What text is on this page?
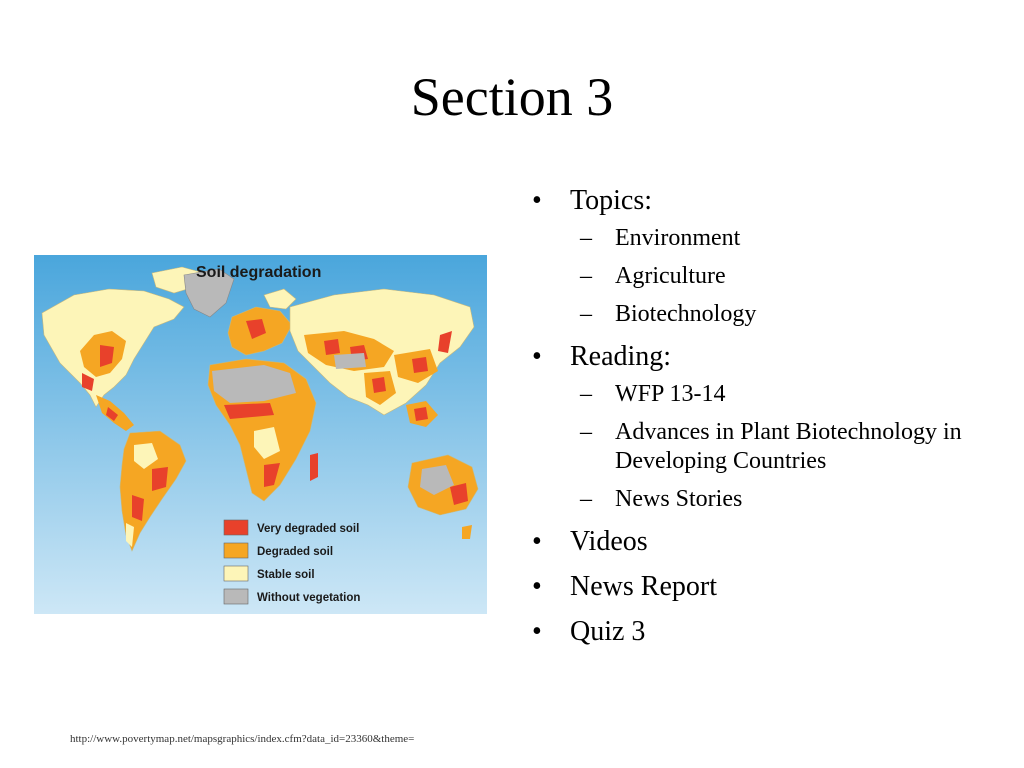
Section 3
Soil degradation
Very degraded soil
Degraded soil
Stable soil
Without vegetation
•	Topics:
– Environment
– Agriculture
– Biotechnology
•	Reading:
– WFP 13-14
– Advances in Plant Biotechnology in Developing Countries
– News Stories
•	Videos
•	News Report
•	Quiz 3

http://www.povertymap.net/mapsgraphics/index.cfm?data_id=23360&theme=
